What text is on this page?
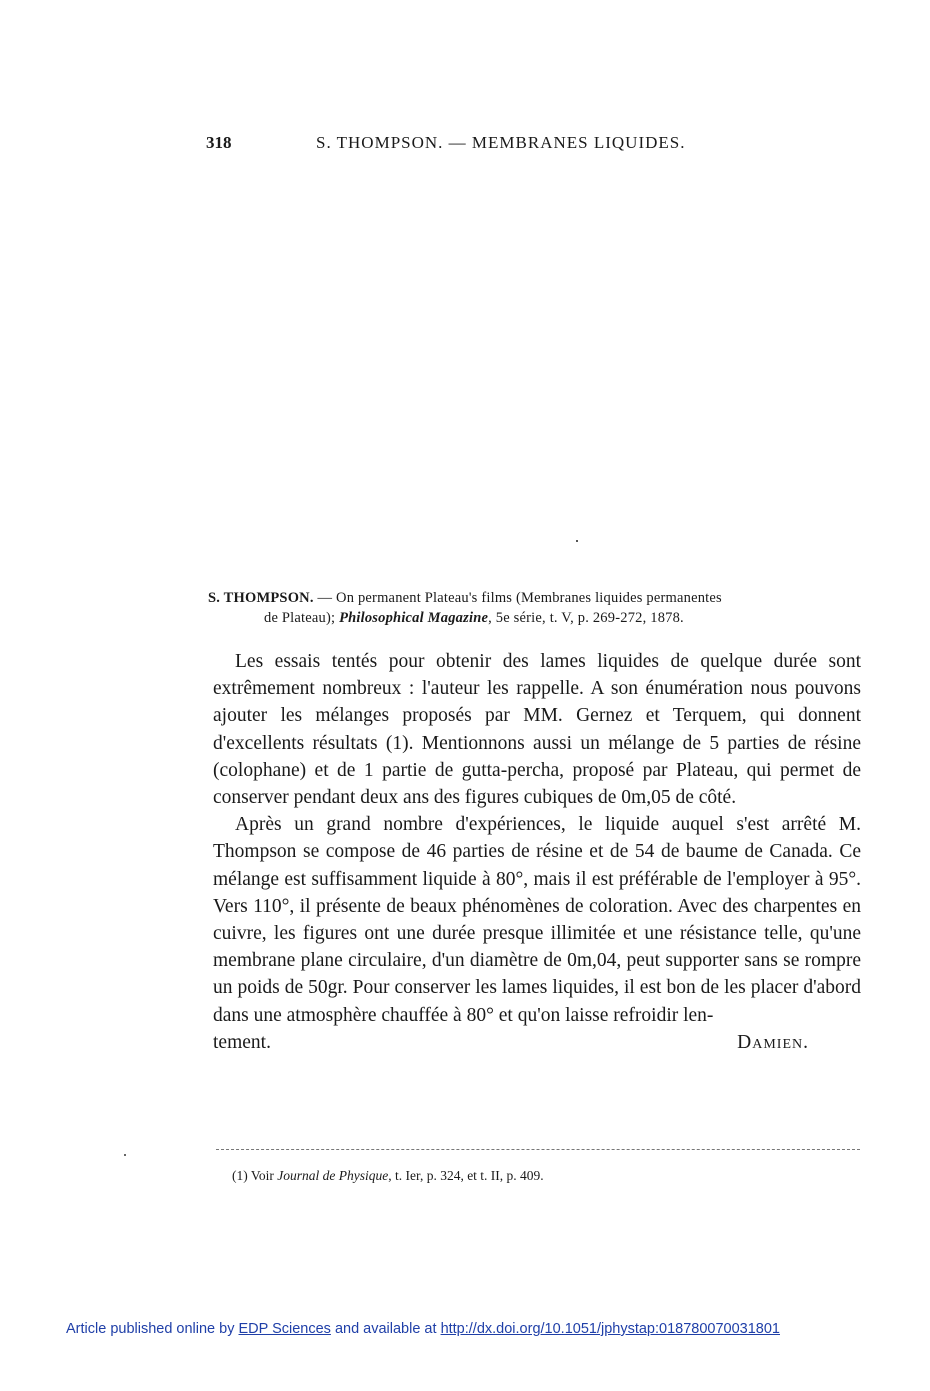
318	S. THOMPSON. — MEMBRANES LIQUIDES.
S. THOMPSON. — On permanent Plateau's films (Membranes liquides permanentes
de Plateau); Philosophical Magazine, 5e série, t. V, p. 269-272, 1878.

Les essais tentés pour obtenir des lames liquides de quelque durée sont extrêmement nombreux : l'auteur les rappelle. A son énumération nous pouvons ajouter les mélanges proposés par MM. Gernez et Terquem, qui donnent d'excellents résultats (1). Mentionnons aussi un mélange de 5 parties de résine (colophane) et de 1 partie de gutta-percha, proposé par Plateau, qui permet de conserver pendant deux ans des figures cubiques de 0m,05 de côté.

Après un grand nombre d'expériences, le liquide auquel s'est arrêté M. Thompson se compose de 46 parties de résine et de 54 de baume de Canada. Ce mélange est suffisamment liquide à 80°, mais il est préférable de l'employer à 95°. Vers 110°, il présente de beaux phénomènes de coloration. Avec des charpentes en cuivre, les figures ont une durée presque illimitée et une résistance telle, qu'une membrane plane circulaire, d'un diamètre de 0m,04, peut supporter sans se rompre un poids de 50gr. Pour conserver les lames liquides, il est bon de les placer d'abord dans une atmosphère chauffée à 80° et qu'on laisse refroidir len-

tement.	Damien.

(1) Voir Journal de Physique, t. Ier, p. 324, et t. II, p. 409.
Article published online by EDP Sciences and available at http://dx.doi.org/10.1051/jphystap:018780070031801
